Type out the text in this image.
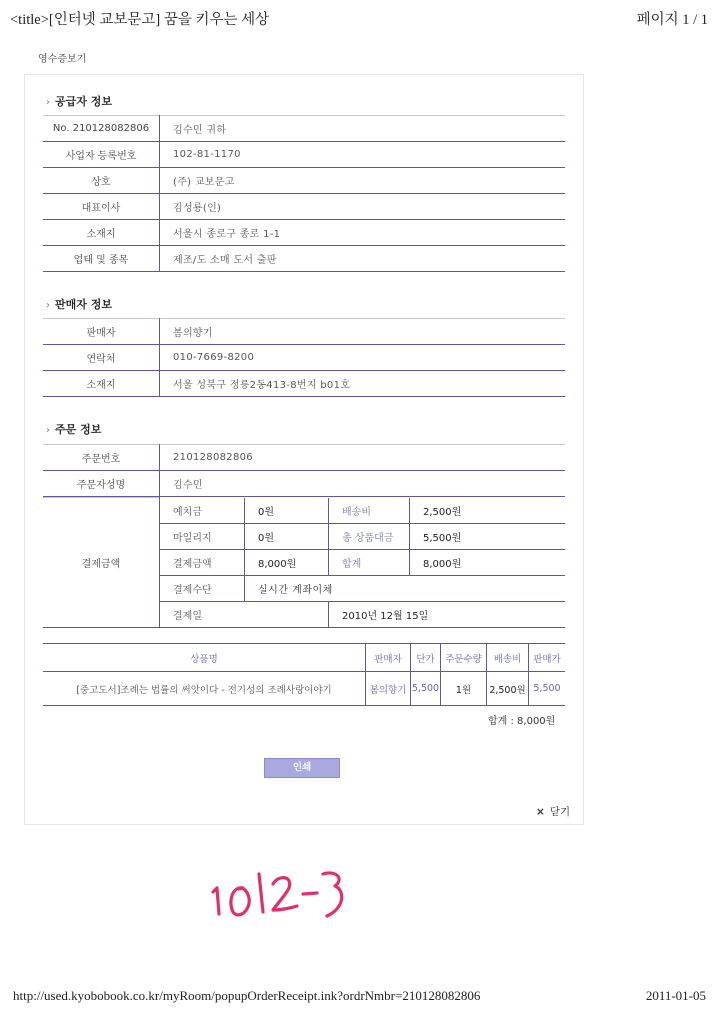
<title>[인터넷 교보문고] 꿈을 키우는 세상	페이지 1 / 1
영수증보기
› 공급자 정보
No. 210128082806	김수민 귀하
사업자 등록번호	102-81-1170
상호	(주) 교보문고
대표이사	김성룡(인)
소재지	서울시 종로구 종로 1-1
업태 및 종목	제조/도 소매 도서 출판
› 판매자 정보
판매자	봄의향기
연락처	010-7669-8200
소재지	서울 성북구 정릉2동413-8번지 b01호
› 주문 정보
주문번호	210128082806
주문자성명	김수민
결제금액	예치금	0원	배송비	2,500원
	마일리지	0원	총 상품대금	5,500원
	결제금액	8,000원	합계	8,000원
	결제수단	실시간 계좌이체		
	결제일		2010년 12월 15일	
상품명	판매자	단가	주문수량	배송비	판매가
[중고도서]조례는 법률의 써앗이다 - 전기성의 조례사랑이야기	봄의향기	5,500	1원	2,500원	5,500
합계 : 8,000원
인쇄
× 닫기
http://used.kyobobook.co.kr/myRoom/popupOrderReceipt.ink?ordrNmbr=210128082806	2011-01-05
